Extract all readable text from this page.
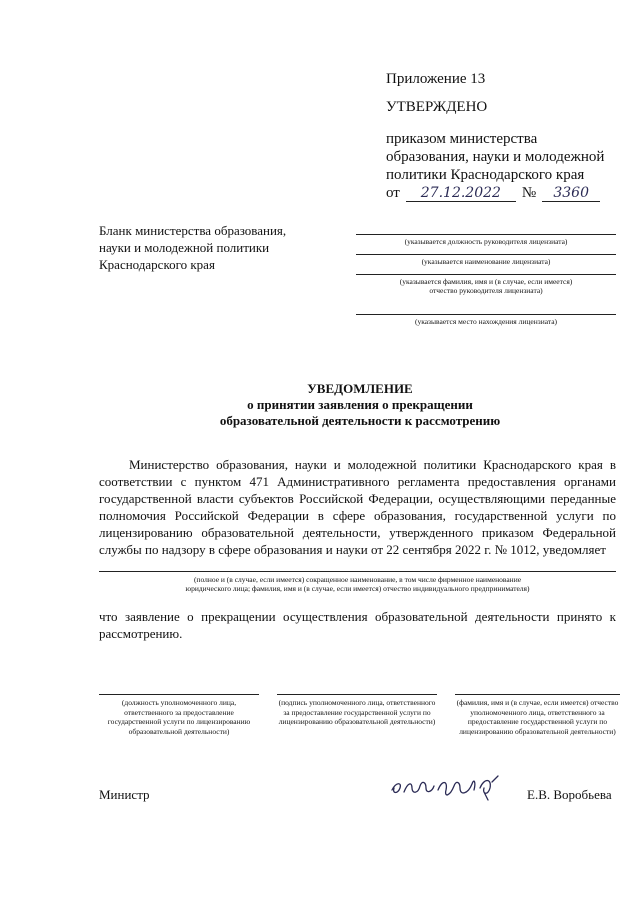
Приложение 13
УТВЕРЖДЕНО
приказом министерства
образования, науки и молодежной
политики Краснодарского края
от	27.12.2022	№	3360
Бланк министерства образования,
науки и молодежной политики
Краснодарского края
(указывается должность руководителя лицензиата)
(указывается наименование лицензиата)
(указывается фамилия, имя и (в случае, если имеется)
отчество руководителя лицензиата)
(указывается место нахождения лицензиата)
УВЕДОМЛЕНИЕ
о принятии заявления о прекращении
образовательной деятельности к рассмотрению

Министерство образования, науки и молодежной политики Краснодарского края в соответствии с пунктом 471 Административного регламента предоставления органами государственной власти субъектов Российской Федерации, осуществляющими переданные полномочия Российской Федерации в сфере образования, государственной услуги по лицензированию образовательной деятельности, утвержденного приказом Федеральной службы по надзору в сфере образования и науки от 22 сентября 2022 г. № 1012, уведомляет

(полное и (в случае, если имеется) сокращенное наименование, в том числе фирменное наименование
юридического лица; фамилия, имя и (в случае, если имеется) отчество индивидуального предпринимателя)

что заявление о прекращении осуществления образовательной деятельности принято к рассмотрению.

(должность уполномоченного лица, ответственного за предоставление государственной услуги по лицензированию образовательной деятельности)
(подпись уполномоченного лица, ответственного за предоставление государственной услуги по лицензированию образовательной деятельности)
(фамилия, имя и (в случае, если имеется) отчество уполномоченного лица, ответственного за предоставление государственной услуги по лицензированию образовательной деятельности)
Министр	Е.В. Воробьева
